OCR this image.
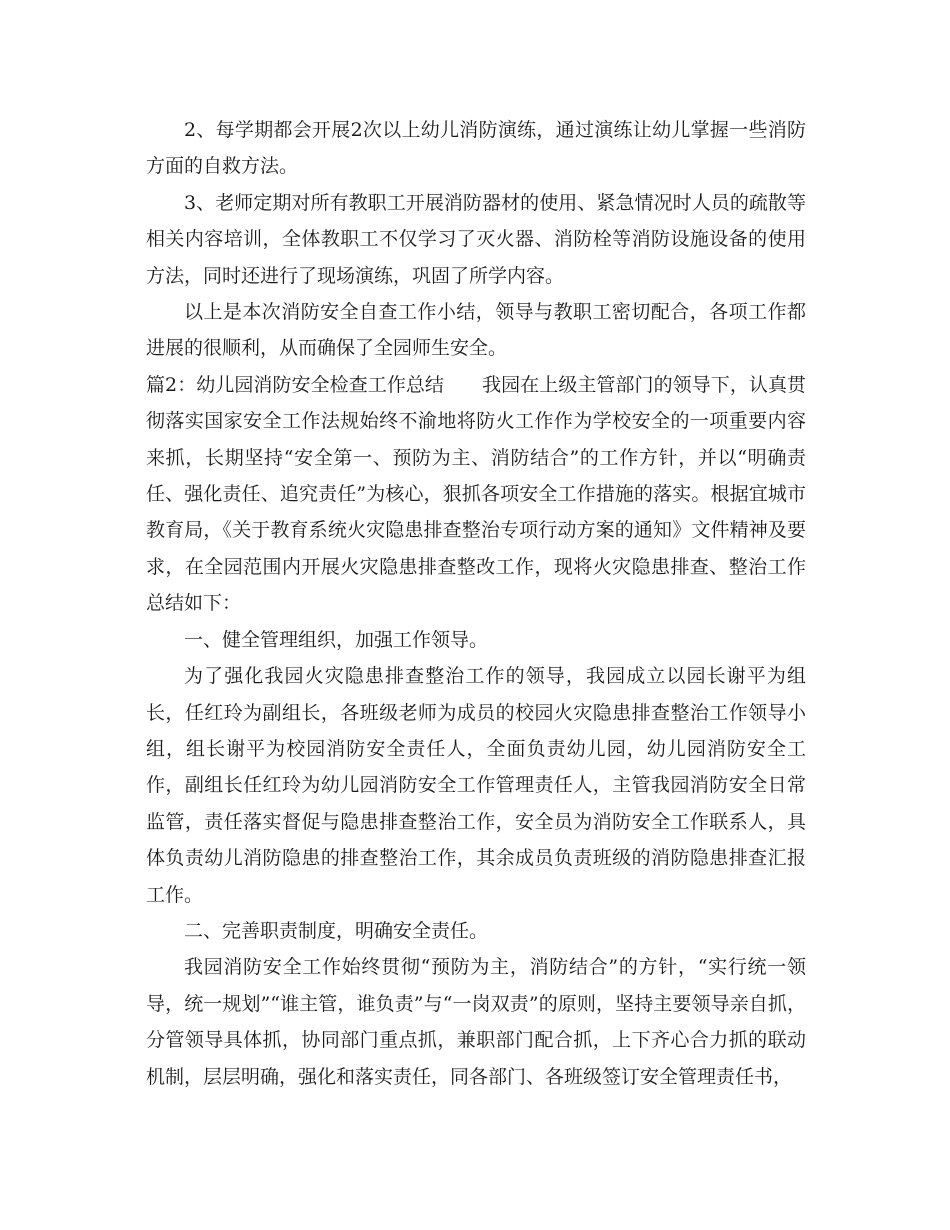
2、每学期都会开展2次以上幼儿消防演练，通过演练让幼儿掌握一些消防方面的自救方法。

3、老师定期对所有教职工开展消防器材的使用、紧急情况时人员的疏散等相关内容培训，全体教职工不仅学习了灭火器、消防栓等消防设施设备的使用方法，同时还进行了现场演练，巩固了所学内容。

以上是本次消防安全自查工作小结，领导与教职工密切配合，各项工作都进展的很顺利，从而确保了全园师生安全。

篇2：幼儿园消防安全检查工作总结　　我园在上级主管部门的领导下，认真贯彻落实国家安全工作法规始终不渝地将防火工作作为学校安全的一项重要内容来抓，长期坚持“安全第一、预防为主、消防结合”的工作方针，并以“明确责任、强化责任、追究责任”为核心，狠抓各项安全工作措施的落实。根据宜城市教育局，《关于教育系统火灾隐患排查整治专项行动方案的通知》文件精神及要求，在全园范围内开展火灾隐患排查整改工作，现将火灾隐患排查、整治工作总结如下：

一、健全管理组织，加强工作领导。

为了强化我园火灾隐患排查整治工作的领导，我园成立以园长谢平为组长，任红玲为副组长，各班级老师为成员的校园火灾隐患排查整治工作领导小组，组长谢平为校园消防安全责任人，全面负责幼儿园，幼儿园消防安全工作，副组长任红玲为幼儿园消防安全工作管理责任人，主管我园消防安全日常监管，责任落实督促与隐患排查整治工作，安全员为消防安全工作联系人，具体负责幼儿消防隐患的排查整治工作，其余成员负责班级的消防隐患排查汇报工作。

二、完善职责制度，明确安全责任。

我园消防安全工作始终贯彻“预防为主，消防结合”的方针，“实行统一领导，统一规划”“谁主管，谁负责”与“一岗双责”的原则，坚持主要领导亲自抓，分管领导具体抓，协同部门重点抓，兼职部门配合抓，上下齐心合力抓的联动机制，层层明确，强化和落实责任，同各部门、各班级签订安全管理责任书，
